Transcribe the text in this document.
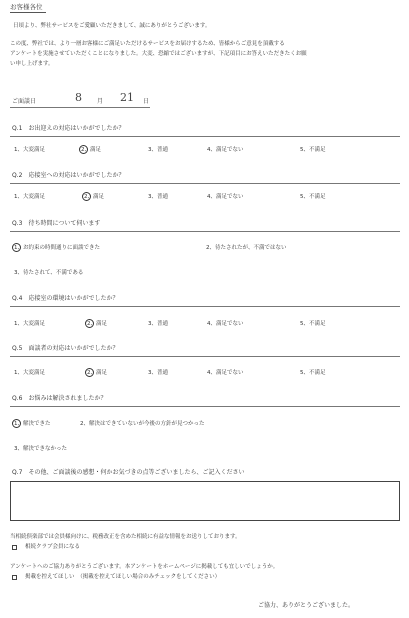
お客様各位
日頃より、弊社サービスをご愛顧いただきまして、誠にありがとうございます。
この度、弊社では、より一層お客様にご満足いただけるサービスをお届けするため、皆様からご意見を頂戴する
アンケートを実施させていただくことになりました。大変、恐縮ではございますが、下記項目にお答えいただきたくお願
い申し上げます。
ご面談日	8	月 21 日
Q.1　お出迎えの対応はいかがでしたか？
1、大変満足	2、満足	3、普通	4、満足でない	5、不満足
Q.2　応接室への対応はいかがでしたか？
1、大変満足	2、満足	3、普通	4、満足でない	5、不満足
Q.3　待ち時間について伺います
1、お約束の時間通りに面談できた	2、待たされたが、不満ではない
3、待たされて、不満である
Q.4　応接室の環境はいかがでしたか？
1、大変満足	2、満足	3、普通	4、満足でない	5、不満足
Q.5　面談者の対応はいかがでしたか？
1、大変満足	2、満足	3、普通	4、満足でない	5、不満足
Q.6　お悩みは解決されましたか？
1、解決できた	2、解決はできていないが今後の方針が見つかった
3、解決できなかった
Q.7　その他、ご面談後の感想・何かお気づきの点等ございましたら、ご記入ください
当相続倶楽部では会員様向けに、税務改正を含めた相続に有益な情報をお送りしております。
相続クラブ会員になる
アンケートへのご協力ありがとうございます。本アンケートをホームページに掲載しても宜しいでしょうか。
掲載を控えてほしい　（掲載を控えてほしい場合のみチェックをしてください）
ご協力、ありがとうございました。
